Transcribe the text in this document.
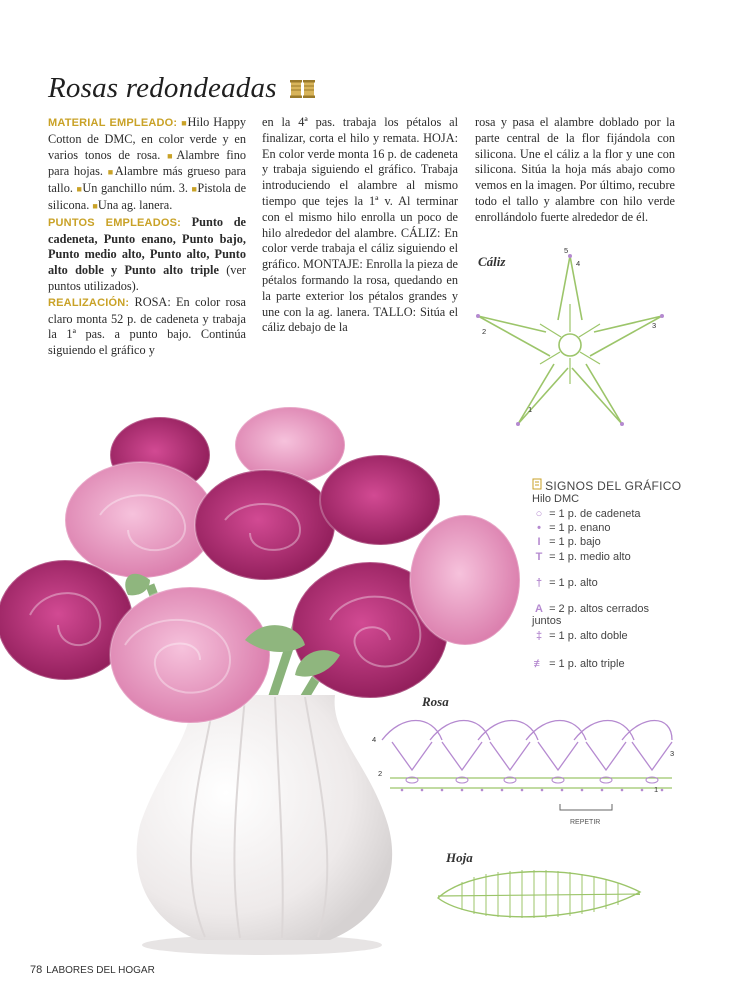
Rosas redondeadas
MATERIAL EMPLEADO: ■Hilo Happy Cotton de DMC, en color verde y en varios tonos de rosa. ■Alambre fino para hojas. ■Alambre más grueso para tallo. ■Un ganchillo núm. 3. ■Pistola de silicona. ■Una ag. lanera.
PUNTOS EMPLEADOS: Punto de cadeneta, Punto enano, Punto bajo, Punto medio alto, Punto alto, Punto alto doble y Punto alto triple (ver puntos utilizados).
REALIZACIÓN: ROSA: En color rosa claro monta 52 p. de cadeneta y trabaja la 1ª pas. a punto bajo. Continúa siguiendo el gráfico y
en la 4ª pas. trabaja los pétalos al finalizar, corta el hilo y remata. HOJA: En color verde monta 16 p. de cadeneta y trabaja siguiendo el gráfico. Trabaja introduciendo el alambre al mismo tiempo que tejes la 1ª v. Al terminar con el mismo hilo enrolla un poco de hilo alrededor del alambre. CÁLIZ: En color verde trabaja el cáliz siguiendo el gráfico. MONTAJE: Enrolla la pieza de pétalos formando la rosa, quedando en la parte exterior los pétalos grandes y une con la ag. lanera. TALLO: Sitúa el cáliz debajo de la
rosa y pasa el alambre doblado por la parte central de la flor fijándola con silicona. Une el cáliz a la flor y une con silicona. Sitúa la hoja más abajo como vemos en la imagen. Por último, recubre todo el tallo y alambre con hilo verde enrollándolo fuerte alrededor de él.
Cáliz
5
4
3
2
1
SIGNOS DEL GRÁFICO
Hilo DMC
○ = 1 p. de cadeneta
• = 1 p. enano
I = 1 p. bajo
T = 1 p. medio alto
† = 1 p. alto
A = 2 p. altos cerrados juntos
‡ = 1 p. alto doble
≢ = 1 p. alto triple
Rosa
4
3
2
1
REPETIR
Hoja
78 LABORES DEL HOGAR
